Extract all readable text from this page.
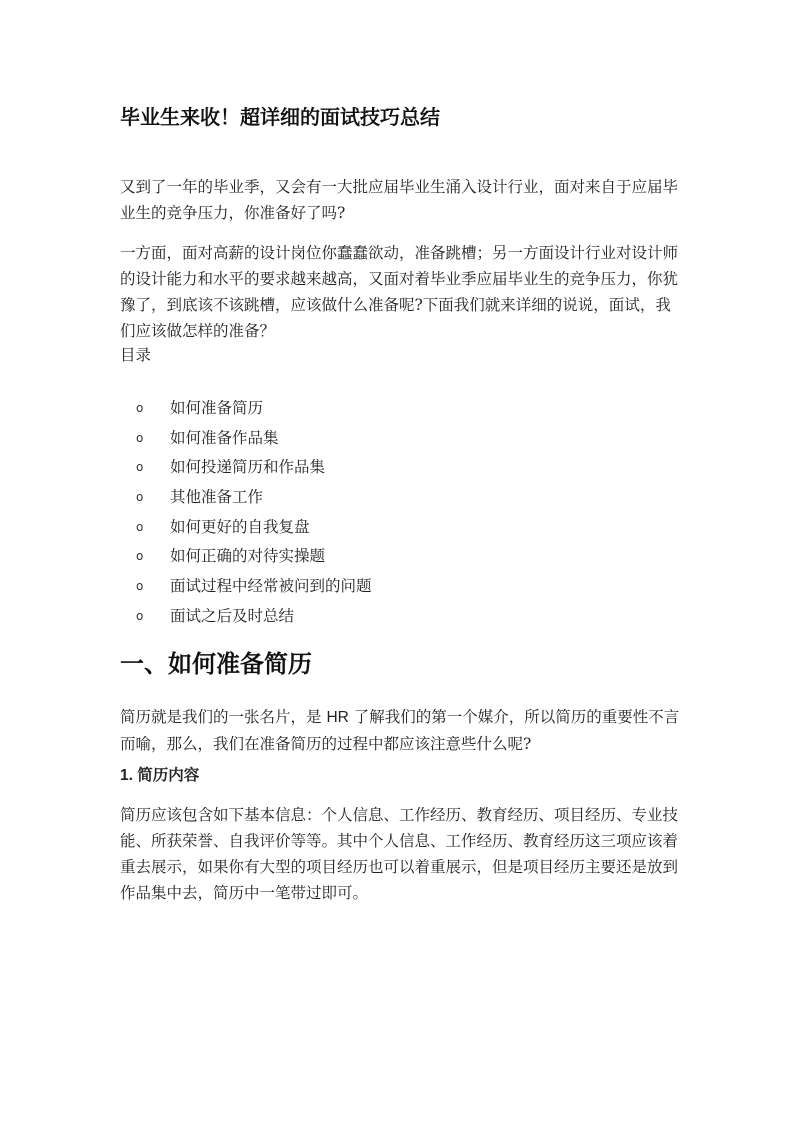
毕业生来收！超详细的面试技巧总结

又到了一年的毕业季，又会有一大批应届毕业生涌入设计行业，面对来自于应届毕业生的竞争压力，你准备好了吗?

一方面，面对高薪的设计岗位你蠢蠢欲动，准备跳槽；另一方面设计行业对设计师的设计能力和水平的要求越来越高，又面对着毕业季应届毕业生的竞争压力，你犹豫了，到底该不该跳槽，应该做什么准备呢?下面我们就来详细的说说，面试，我们应该做怎样的准备？

目录
o 如何准备简历
o 如何准备作品集
o 如何投递简历和作品集
o 其他准备工作
o 如何更好的自我复盘
o 如何正确的对待实操题
o 面试过程中经常被问到的问题
o 面试之后及时总结
一、如何准备简历

简历就是我们的一张名片，是 HR 了解我们的第一个媒介，所以简历的重要性不言而喻，那么，我们在准备简历的过程中都应该注意些什么呢?

1. 简历内容

简历应该包含如下基本信息：个人信息、工作经历、教育经历、项目经历、专业技能、所获荣誉、自我评价等等。其中个人信息、工作经历、教育经历这三项应该着重去展示，如果你有大型的项目经历也可以着重展示，但是项目经历主要还是放到作品集中去，简历中一笔带过即可。
